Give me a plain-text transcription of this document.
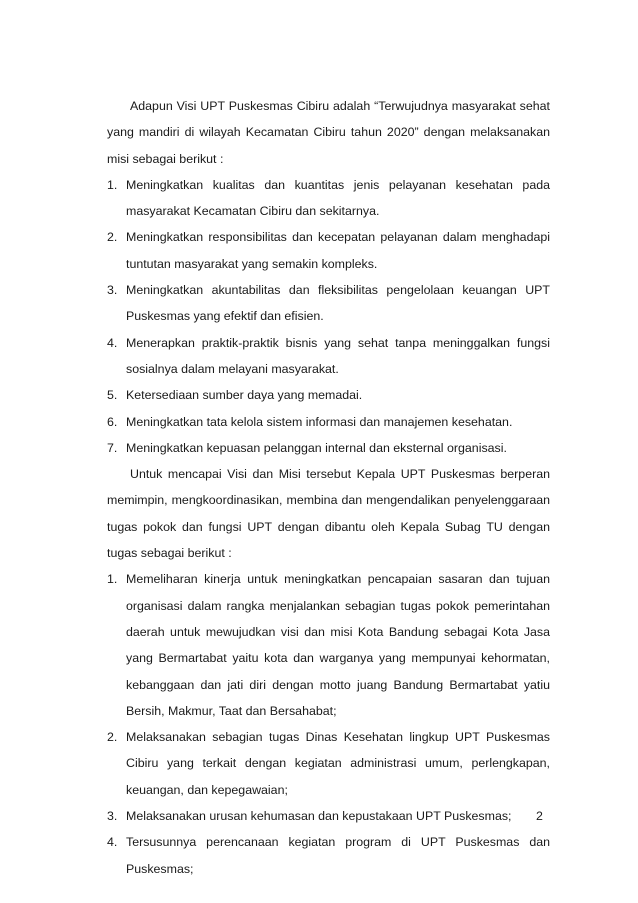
Adapun Visi UPT Puskesmas Cibiru adalah “Terwujudnya masyarakat sehat yang mandiri di wilayah Kecamatan Cibiru tahun 2020” dengan melaksanakan misi sebagai berikut :

1. Meningkatkan kualitas dan kuantitas jenis pelayanan kesehatan pada masyarakat Kecamatan Cibiru dan sekitarnya.
2. Meningkatkan responsibilitas dan kecepatan pelayanan dalam menghadapi tuntutan masyarakat yang semakin kompleks.
3. Meningkatkan akuntabilitas dan fleksibilitas pengelolaan keuangan UPT Puskesmas yang efektif dan efisien.
4. Menerapkan praktik-praktik bisnis yang sehat tanpa meninggalkan fungsi sosialnya dalam melayani masyarakat.
5. Ketersediaan sumber daya yang memadai.
6. Meningkatkan tata kelola sistem informasi dan manajemen kesehatan.
7. Meningkatkan kepuasan pelanggan internal dan eksternal organisasi.

Untuk mencapai Visi dan Misi tersebut Kepala UPT Puskesmas berperan memimpin, mengkoordinasikan, membina dan mengendalikan penyelenggaraan tugas pokok dan fungsi UPT dengan dibantu oleh Kepala Subag TU dengan tugas sebagai berikut :

1. Memeliharan kinerja untuk meningkatkan pencapaian sasaran dan tujuan organisasi dalam rangka menjalankan sebagian tugas pokok pemerintahan daerah untuk mewujudkan visi dan misi Kota Bandung sebagai Kota Jasa yang Bermartabat yaitu kota dan warganya yang mempunyai kehormatan, kebanggaan dan jati diri dengan motto juang Bandung Bermartabat yatiu Bersih, Makmur, Taat dan Bersahabat;
2. Melaksanakan sebagian tugas Dinas Kesehatan lingkup UPT Puskesmas Cibiru yang terkait dengan kegiatan administrasi umum, perlengkapan, keuangan, dan kepegawaian;
3. Melaksanakan urusan kehumasan dan kepustakaan UPT Puskesmas;
4. Tersusunnya perencanaan kegiatan program di UPT Puskesmas dan Puskesmas;
2
